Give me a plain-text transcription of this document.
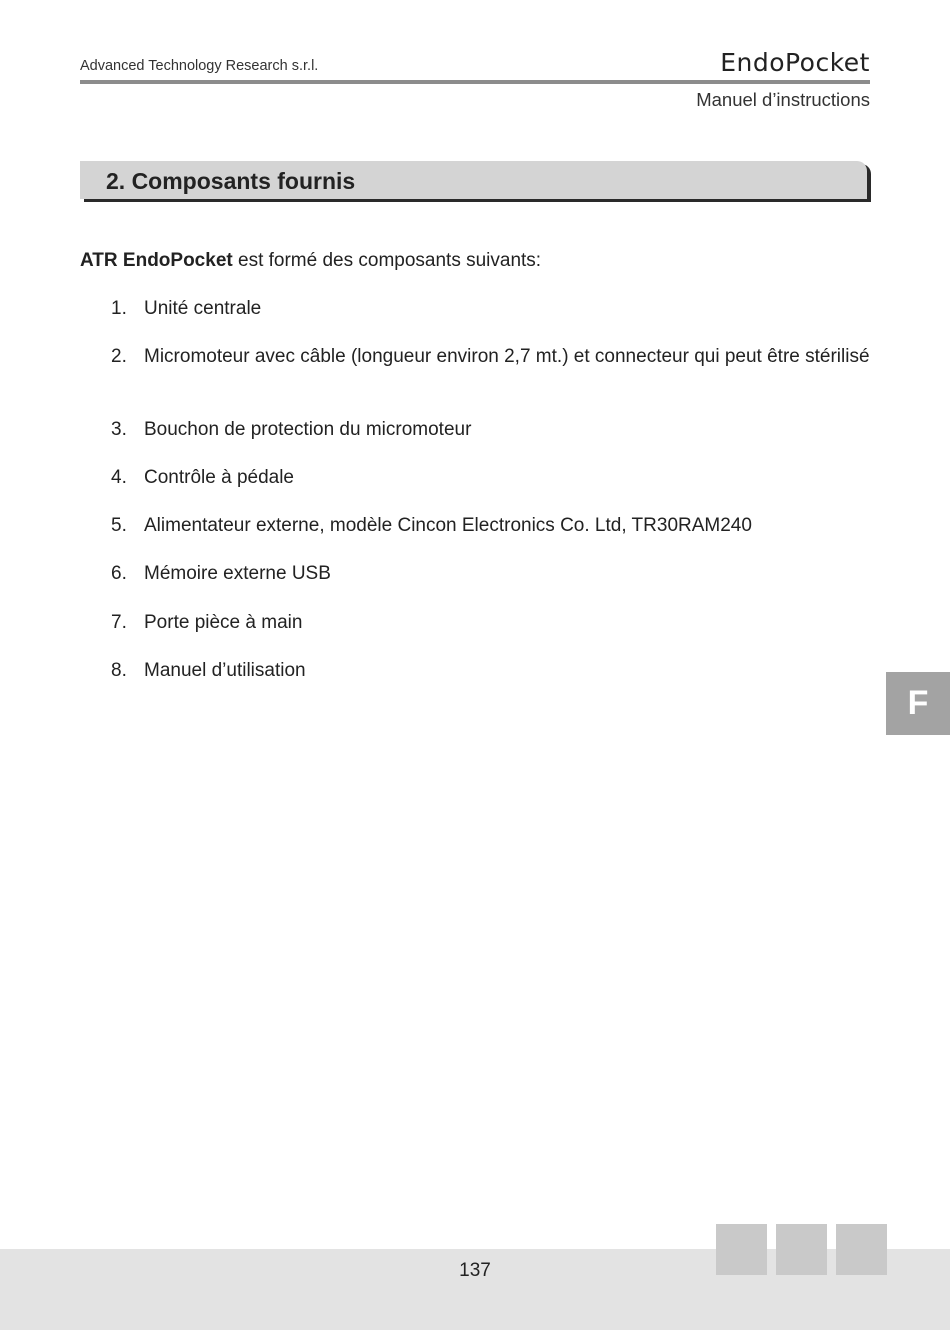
Advanced Technology Research s.r.l.	EndoPocket
Manuel d’instructions
2. Composants fournis

ATR EndoPocket est formé des composants suivants:

1. Unité centrale
2. Micromoteur avec câble (longueur environ 2,7 mt.) et connecteur qui peut être stérilisé
3. Bouchon de protection du micromoteur
4. Contrôle à pédale
5. Alimentateur externe, modèle Cincon Electronics Co. Ltd, TR30RAM240
6. Mémoire externe USB
7. Porte pièce à main
8. Manuel d’utilisation
F
137
